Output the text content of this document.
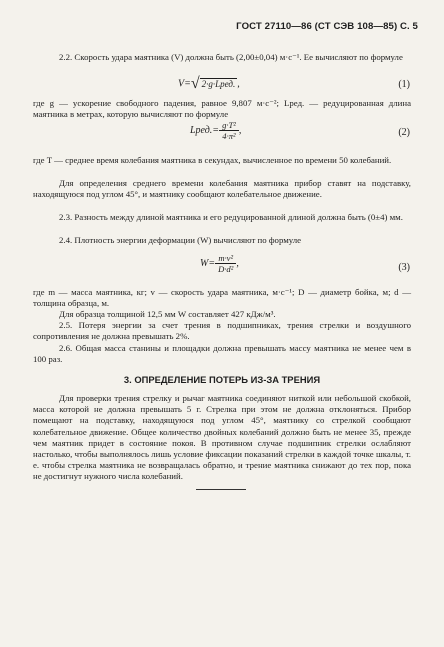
ГОСТ 27110—86 (СТ СЭВ 108—85) С. 5
2.2. Скорость удара маятника (V) должна быть (2,00±0,04) м·с⁻¹. Ее вычисляют по формуле
V=√ 2·g·Lред. ,	(1)
где g — ускорение свободного падения, равное 9,807 м·с⁻²; Lред. — редуцированная длина маятника в метрах, которую вычисляют по формуле
Lред.= $\frac{\text{g·T²}}{\text{4·π²}}$ ,	(2)
где T — среднее время колебания маятника в секундах, вычисленное по времени 50 колебаний.
Для определения среднего времени колебания маятника прибор ставят на подставку, находящуюся под углом 45°, и маятнику сообщают колебательное движение.
2.3. Разность между длиной маятника и его редуцированной длиной должна быть (0±4) мм.
2.4. Плотность энергии деформации (W) вычисляют по формуле
$W= \frac{\text{m·v²}}{\text{D·d²}}$ ,	(3)
где m — масса маятника, кг; v — скорость удара маятника, м·с⁻¹; D — диаметр бойка, м; d — толщина образца, м.
Для образца толщиной 12,5 мм W составляет 427 кДж/м³.
2.5. Потеря энергии за счет трения в подшипниках, трения стрелки и воздушного сопротивления не должна превышать 2%.
2.6. Общая масса станины и площадки должна превышать массу маятника не менее чем в 100 раз.
3. ОПРЕДЕЛЕНИЕ ПОТЕРЬ ИЗ-ЗА ТРЕНИЯ
Для проверки трения стрелку и рычаг маятника соединяют ниткой или небольшой скобкой, масса которой не должна превышать 5 г. Стрелка при этом не должна отклоняться. Прибор помещают на подставку, находящуюся под углом 45°, маятнику со стрелкой сообщают колебательное движение. Общее количество двойных колебаний должно быть не менее 35, прежде чем маятник придет в состояние покоя. В противном случае подшипник стрелки ослабляют настолько, чтобы выполнялось лишь условие фиксации показаний стрелки в каждой точке шкалы, т. е. чтобы стрелка маятника не возвращалась обратно, и трение маятника снижают до тех пор, пока не достигнут нужного числа колебаний.
